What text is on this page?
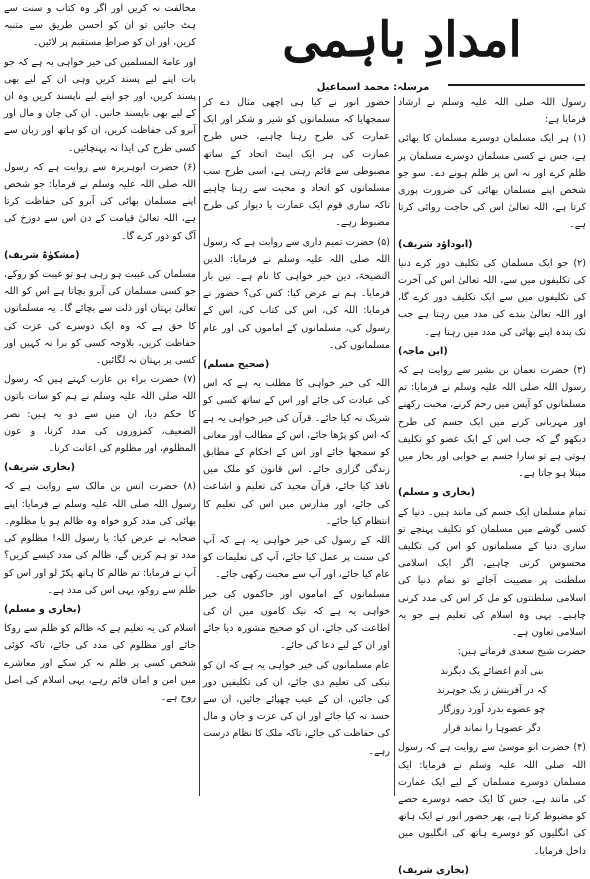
امدادِ باہمی
مرسلہ: محمد اسماعیل

رسول اللہ صلی اللہ علیہ وسلم نے ارشاد فرمایا ہے:

(۱) ہر ایک مسلمان دوسرے مسلمان کا بھائی ہے، جس نے کسی مسلمان دوسرے مسلمان پر ظلم کرے اور نہ اس پر ظلم ہونے دے۔ سو جو شخص اپنے مسلمان بھائی کی ضرورت پوری کرتا ہے، اللہ تعالیٰ اس کی حاجت روائی کرتا ہے۔

(ابوداؤد شریف)

(۲) جو ایک مسلمان کی تکلیف دور کرے دنیا کی تکلیفوں میں سے، اللہ تعالیٰ اس کی آخرت کی تکلیفوں میں سے ایک تکلیف دور کرے گا، اور اللہ تعالیٰ بندے کی مدد میں رہتا ہے جب تک بندہ اپنے بھائی کی مدد میں رہتا ہے۔

(ابن ماجہ)

(۳) حضرت نعمان بن بشیر سے روایت ہے کہ رسول اللہ صلی اللہ علیہ وسلم نے فرمایا: تم مسلمانوں کو آپس میں رحم کرنے، محبت رکھنے اور مہربانی کرنے میں ایک جسم کی طرح دیکھو گے کہ جب اس کے ایک عضو کو تکلیف ہوتی ہے تو سارا جسم بے خوابی اور بخار میں مبتلا ہو جاتا ہے۔

(بخاری و مسلم)

تمام مسلمان ایک جسم کی مانند ہیں۔ دنیا کے کسی گوشے میں مسلمان کو تکلیف پہنچے تو ساری دنیا کے مسلمانوں کو اس کی تکلیف محسوس کرنی چاہیے، اگر ایک اسلامی سلطنت پر مصیبت آجائے تو تمام دنیا کی اسلامی سلطنتوں کو مل کر اس کی مدد کرنی چاہیے۔ یہی وہ اسلام کی تعلیم ہے جو یہ اسلامی تعاون ہے۔

حضرت شیخ سعدی فرماتے ہیں:

بنی آدم اعضائے یک دیگرند

کہ در آفرینش ز یک جوہرند

چو عضوے بدرد آورد روزگار

دگر عضوہا را نماند قرار

(۴) حضرت ابو موسیٰ سے روایت ہے کہ رسول اللہ صلی اللہ علیہ وسلم نے فرمایا: ایک مسلمان دوسرے مسلمان کے لیے ایک عمارت کی مانند ہے، جس کا ایک حصہ دوسرے حصے کو مضبوط کرتا ہے، پھر حضور انور نے ایک ہاتھ کی انگلیوں کو دوسرے ہاتھ کی انگلیوں میں داخل فرمایا۔

(بخاری شریف)

حضور انور نے کیا ہی اچھی مثال دے کر سمجھایا کہ مسلمانوں کو شیر و شکر اور ایک عمارت کی طرح رہنا چاہیے، جس طرح عمارت کی ہر ایک اینٹ اتحاد کے ساتھ مضبوطی سے قائم رہتی ہے، اسی طرح سب مسلمانوں کو اتحاد و محبت سے رہنا چاہیے تاکہ ساری قوم ایک عمارت یا دیوار کی طرح مضبوط رہے۔

(۵) حضرت تمیم داری سے روایت ہے کہ رسول اللہ صلی اللہ علیہ وسلم نے فرمایا: الدین النصیحۃ، دین خیر خواہی کا نام ہے۔ تین بار فرمایا۔ ہم نے عرض کیا: کس کی؟ حضور نے فرمایا: اللہ کی، اس کی کتاب کی، اس کے رسول کی، مسلمانوں کے اماموں کی اور عام مسلمانوں کی۔

(صحیح مسلم)

اللہ کی خیر خواہی کا مطلب یہ ہے کہ اس کی عبادت کی جائے اور اس کے ساتھ کسی کو شریک نہ کیا جائے۔ قرآن کی خیر خواہی یہ ہے کہ اس کو پڑھا جائے، اس کے مطالب اور معانی کو سمجھا جائے اور اس کے احکام کے مطابق زندگی گزاری جائے۔ اس قانون کو ملک میں نافذ کیا جائے، قرآن مجید کی تعلیم و اشاعت کی جائے، اور مدارس میں اس کی تعلیم کا انتظام کیا جائے۔

اللہ کے رسول کی خیر خواہی یہ ہے کہ آپ کی سنت پر عمل کیا جائے، آپ کی تعلیمات کو عام کیا جائے، اور آپ سے محبت رکھی جائے۔

مسلمانوں کے اماموں اور حاکموں کی خیر خواہی یہ ہے کہ نیک کاموں میں ان کی اطاعت کی جائے، ان کو صحیح مشورہ دیا جائے اور ان کے لیے دعا کی جائے۔

عام مسلمانوں کی خیر خواہی یہ ہے کہ ان کو نیکی کی تعلیم دی جائے، ان کی تکلیفیں دور کی جائیں، ان کے عیب چھپائے جائیں، ان سے حسد نہ کیا جائے اور ان کی عزت و جان و مال کی حفاظت کی جائے، تاکہ ملک کا نظام درست رہے۔

مخالفت نہ کریں اور اگر وہ کتاب و سنت سے ہٹ جائیں تو ان کو احسن طریق سے متنبہ کریں، اور ان کو صراطِ مستقیم پر لائیں۔

اور عامۃ المسلمین کی خیر خواہی یہ ہے کہ جو بات اپنے لیے پسند کریں وہی ان کے لیے بھی پسند کریں، اور جو اپنے لیے ناپسند کریں وہ ان کے لیے بھی ناپسند جانیں۔ ان کی جان و مال اور آبرو کی حفاظت کریں، ان کو ہاتھ اور زبان سے کسی طرح کی ایذا نہ پہنچائیں۔

(۶) حضرت ابوہریرہ سے روایت ہے کہ رسول اللہ صلی اللہ علیہ وسلم نے فرمایا: جو شخص اپنے مسلمان بھائی کی آبرو کی حفاظت کرتا ہے، اللہ تعالیٰ قیامت کے دن اس سے دوزخ کی آگ کو دور کرے گا۔

(مشکوٰۃ شریف)

مسلمان کی غیبت ہو رہی ہو تو غیبت کو روکے، جو کسی مسلمان کی آبرو بچاتا ہے اس کو اللہ تعالیٰ بہتان اور ذلت سے بچائے گا۔ یہ مسلمانوں کا حق ہے کہ وہ ایک دوسرے کی عزت کی حفاظت کریں، بلاوجہ کسی کو برا نہ کہیں اور کسی پر بہتان نہ لگائیں۔

(۷) حضرت براء بن عازب کہتے ہیں کہ رسول اللہ صلی اللہ علیہ وسلم نے ہم کو سات باتوں کا حکم دیا، ان میں سے دو یہ ہیں: نصر الضعیف، کمزوروں کی مدد کرنا، و عون المظلوم، اور مظلوم کی اعانت کرنا۔

(بخاری شریف)

(۸) حضرت انس بن مالک سے روایت ہے کہ رسول اللہ صلی اللہ علیہ وسلم نے فرمایا: اپنے بھائی کی مدد کرو خواہ وہ ظالم ہو یا مظلوم۔ صحابہ نے عرض کیا: یا رسول اللہ! مظلوم کی مدد تو ہم کریں گے، ظالم کی مدد کیسے کریں؟ آپ نے فرمایا: تم ظالم کا ہاتھ پکڑ لو اور اس کو ظلم سے روکو، یہی اس کی مدد ہے۔

(بخاری و مسلم)

اسلام کی یہ تعلیم ہے کہ ظالم کو ظلم سے روکا جائے اور مظلوم کی مدد کی جائے، تاکہ کوئی شخص کسی پر ظلم نہ کر سکے اور معاشرے میں امن و امان قائم رہے، یہی اسلام کی اصل روح ہے۔
